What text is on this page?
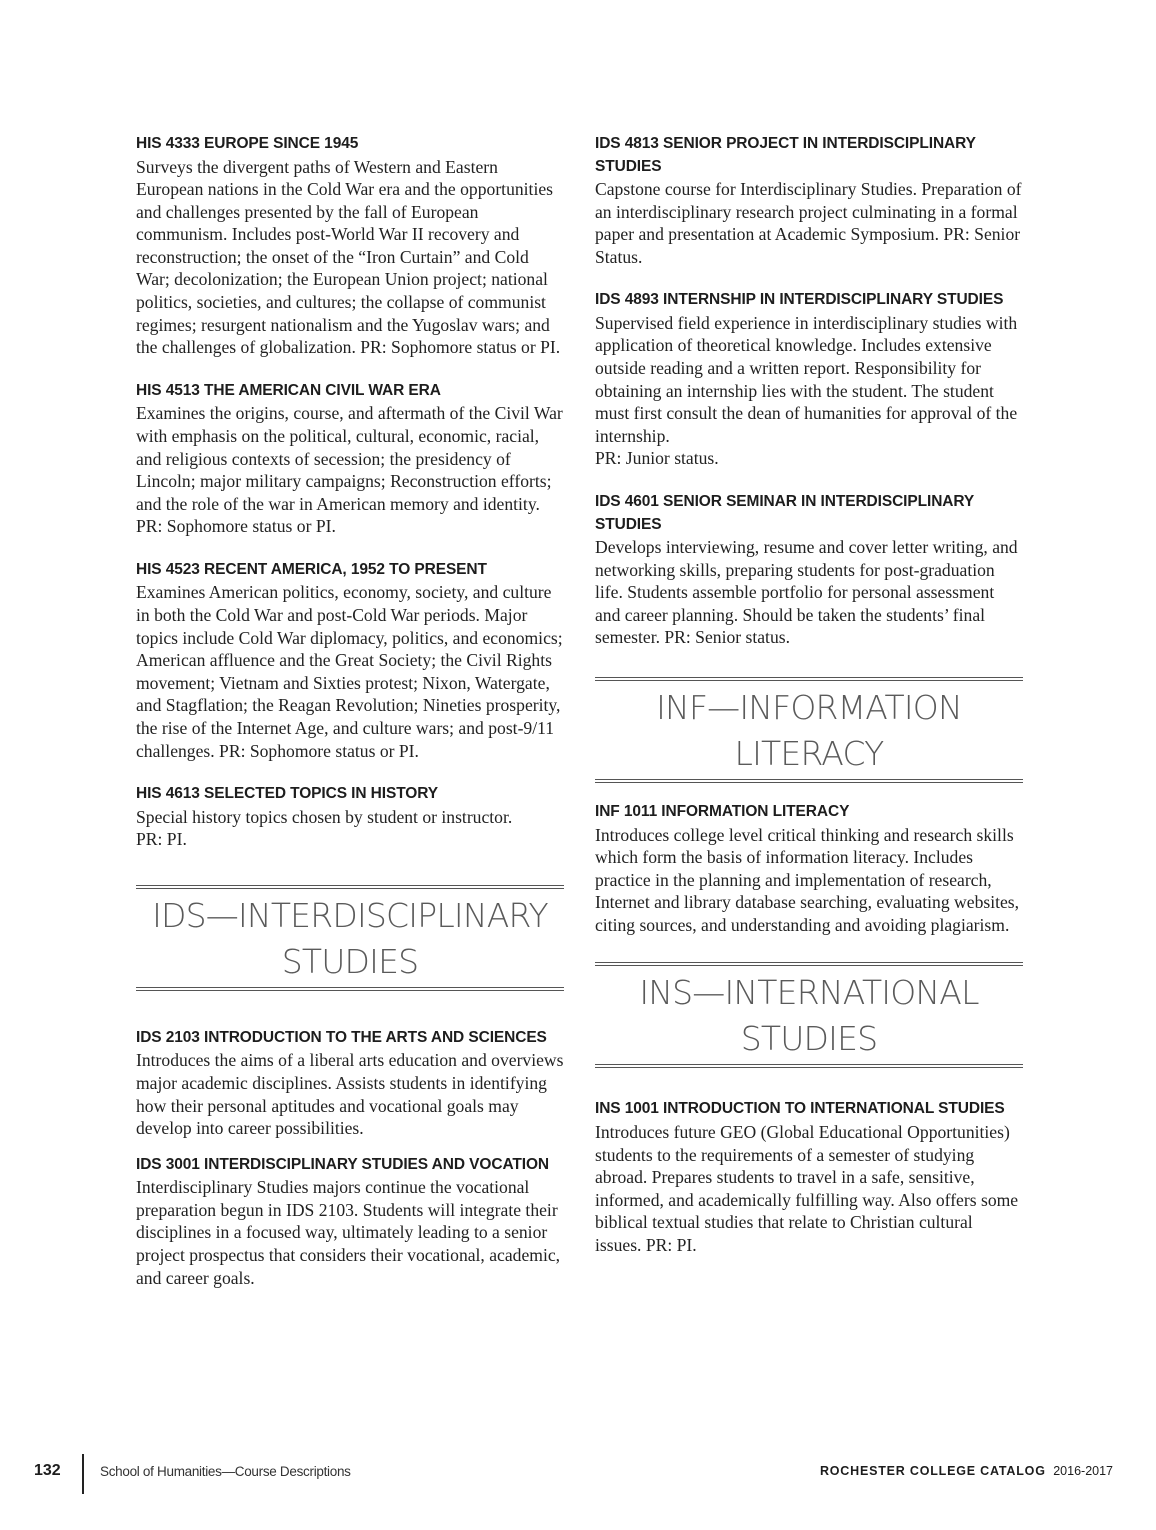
HIS 4333 EUROPE SINCE 1945

Surveys the divergent paths of Western and Eastern European nations in the Cold War era and the opportunities and challenges presented by the fall of European communism. Includes post-World War II recovery and reconstruction; the onset of the “Iron Curtain” and Cold War; decolonization; the European Union project; national politics, societies, and cultures; the collapse of communist regimes; resurgent nationalism and the Yugoslav wars; and the challenges of globalization. PR: Sophomore status or PI.

HIS 4513 THE AMERICAN CIVIL WAR ERA

Examines the origins, course, and aftermath of the Civil War with emphasis on the political, cultural, economic, racial, and religious contexts of secession; the presidency of Lincoln; major military campaigns; Reconstruction efforts; and the role of the war in American memory and identity.

PR: Sophomore status or PI.

HIS 4523 RECENT AMERICA, 1952 TO PRESENT

Examines American politics, economy, society, and culture in both the Cold War and post-Cold War periods. Major topics include Cold War diplomacy, politics, and economics; American affluence and the Great Society; the Civil Rights movement; Vietnam and Sixties protest; Nixon, Watergate, and Stagflation; the Reagan Revolution; Nineties prosperity, the rise of the Internet Age, and culture wars; and post-9/11 challenges. PR: Sophomore status or PI.

HIS 4613 SELECTED TOPICS IN HISTORY

Special history topics chosen by student or instructor.

PR: PI.

IDS—INTERDISCIPLINARY
STUDIES
IDS 2103 INTRODUCTION TO THE ARTS AND SCIENCES

Introduces the aims of a liberal arts education and overviews major academic disciplines. Assists students in identifying how their personal aptitudes and vocational goals may develop into career possibilities.

IDS 3001 INTERDISCIPLINARY STUDIES AND VOCATION

Interdisciplinary Studies majors continue the vocational preparation begun in IDS 2103. Students will integrate their disciplines in a focused way, ultimately leading to a senior project prospectus that considers their vocational, academic, and career goals.

IDS 4813 SENIOR PROJECT IN INTERDISCIPLINARY STUDIES

Capstone course for Interdisciplinary Studies. Preparation of an interdisciplinary research project culminating in a formal paper and presentation at Academic Symposium. PR: Senior Status.

IDS 4893 INTERNSHIP IN INTERDISCIPLINARY STUDIES

Supervised field experience in interdisciplinary studies with application of theoretical knowledge. Includes extensive outside reading and a written report. Responsibility for obtaining an internship lies with the student. The student must first consult the dean of humanities for approval of the internship.

PR: Junior status.

IDS 4601 SENIOR SEMINAR IN INTERDISCIPLINARY STUDIES

Develops interviewing, resume and cover letter writing, and networking skills, preparing students for post-graduation life. Students assemble portfolio for personal assessment and career planning. Should be taken the students’ final semester. PR: Senior status.

INF—INFORMATION
LITERACY
INF 1011 INFORMATION LITERACY

Introduces college level critical thinking and research skills which form the basis of information literacy. Includes practice in the planning and implementation of research, Internet and library database searching, evaluating websites, citing sources, and understanding and avoiding plagiarism.

INS—INTERNATIONAL
STUDIES
INS 1001 INTRODUCTION TO INTERNATIONAL STUDIES

Introduces future GEO (Global Educational Opportunities) students to the requirements of a semester of studying abroad. Prepares students to travel in a safe, sensitive, informed, and academically fulfilling way. Also offers some biblical textual studies that relate to Christian cultural issues. PR: PI.

132	School of Humanities—Course Descriptions	ROCHESTER COLLEGE CATALOG 2016-2017
